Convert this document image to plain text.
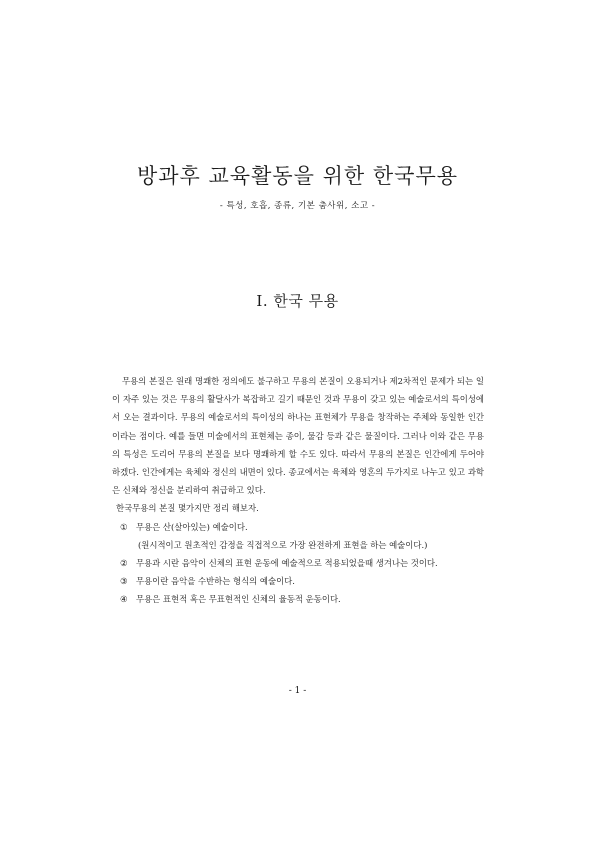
방과후 교육활동을 위한 한국무용
- 특성, 호흡, 종류, 기본 춤사위, 소고 -
Ⅰ. 한국 무용

무용의 본질은 원래 명쾌한 정의에도 불구하고 무용의 본질이 오용되거나 제2차적인 문제가 되는 일이 자주 있는 것은 무용의 활달사가 복잡하고 길기 때문인 것과 무용이 갖고 있는 예술로서의 특이성에서 오는 결과이다. 무용의 예술로서의 특이성의 하나는 표현체가 무용을 창작하는 주체와 동일한 인간이라는 점이다. 예를 들면 미술에서의 표현체는 종이, 물감 등과 같은 물질이다. 그러나 이와 같은 무용의 특성은 도리어 무용의 본질을 보다 명쾌하게 할 수도 있다. 따라서 무용의 본질은 인간에게 두어야 하겠다. 인간에게는 육체와 정신의 내면이 있다. 종교에서는 육체와 영혼의 두가지로 나누고 있고 과학은 신체와 정신을 분리하여 취급하고 있다.

한국무용의 본질 몇가지만 정리 해보자.

①	무용은 산(살아있는) 예술이다.

(원시적이고 원초적인 감정을 직접적으로 가장 완전하게 표현을 하는 예술이다.)

②	무용과 시란 음악이 신체의 표현 운동에 예술적으로 적용되었을때 생겨나는 것이다.
③	무용이란 음악을 수반하는 형식의 예술이다.
④	무용은 표현적 혹은 무표현적인 신체의 율동적 운동이다.
- 1 -
